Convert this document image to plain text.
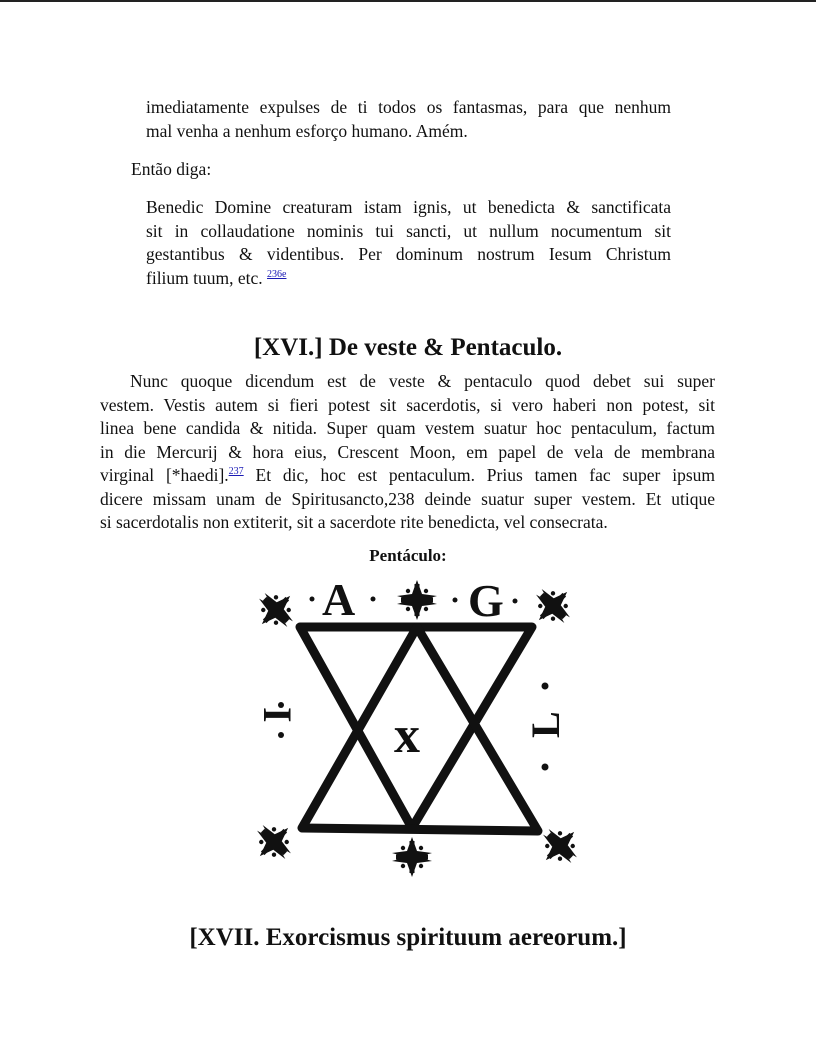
imediatamente expulses de ti todos os fantasmas, para que nenhum
mal venha a nenhum esforço humano. Amém.
Então diga:
Benedic Domine creaturam istam ignis, ut benedicta & sanctificata
sit in collaudatione nominis tui sancti, ut nullum nocumentum sit
gestantibus & videntibus. Per dominum nostrum Iesum Christum
filium tuum, etc. $^{236e}$
[XVI.] De veste & Pentaculo.
Nunc quoque dicendum est de veste & pentaculo quod debet sui super
vestem. Vestis autem si fieri potest sit sacerdotis, si vero haberi non potest, sit
linea bene candida & nitida. Super quam vestem suatur hoc pentaculum, factum
in die Mercurij & hora eius, Crescent Moon, em papel de vela de membrana
virginal [*haedi].$^{237}$ Et dic, hoc est pentaculum. Prius tamen fac super ipsum
dicere missam unam de Spiritusancto,238 deinde suatur super vestem. Et utique
si sacerdotalis non extiterit, sit a sacerdote rite benedicta, vel consecrata.
Pentáculo:
A G
I	L
x
[XVII. Exorcismus spirituum aereorum.]
